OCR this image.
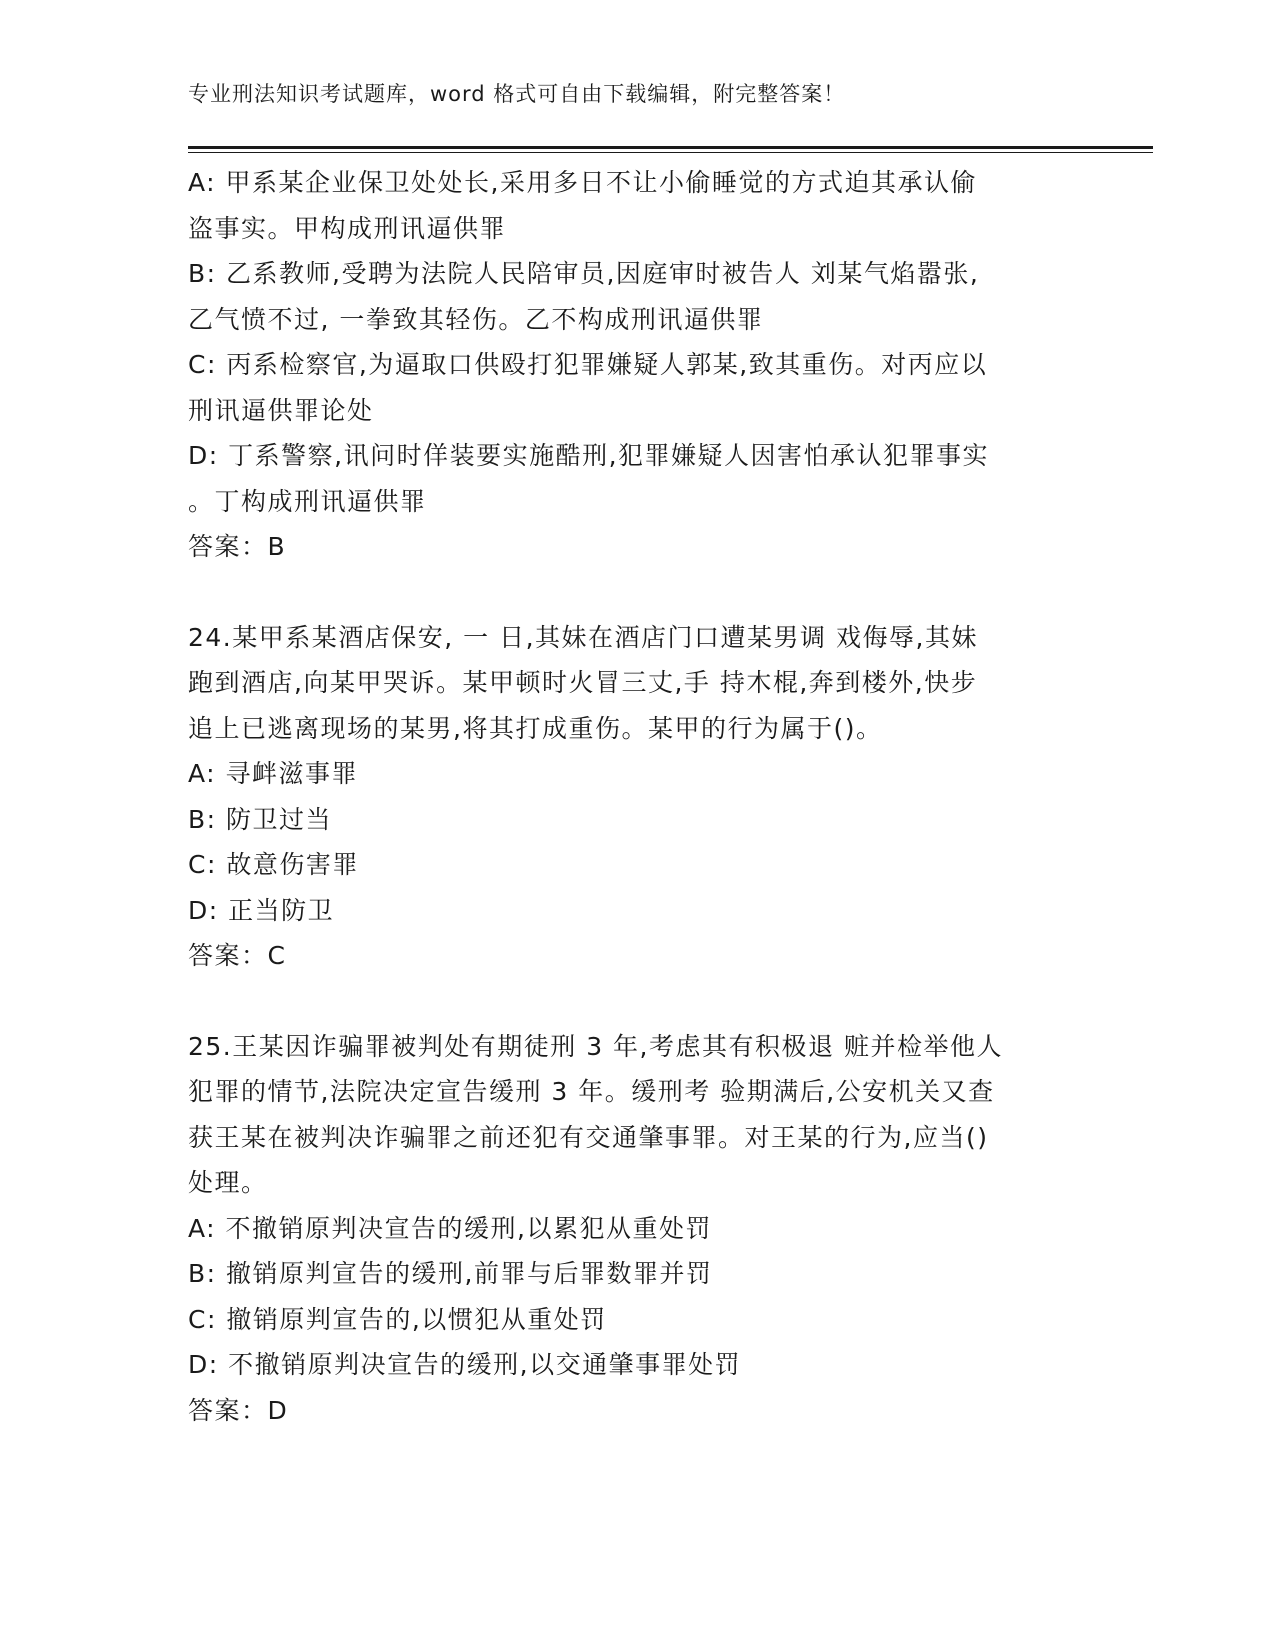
专业刑法知识考试题库，word 格式可自由下载编辑，附完整答案！
A: 甲系某企业保卫处处长,采用多日不让小偷睡觉的方式迫其承认偷
盗事实。甲构成刑讯逼供罪
B: 乙系教师,受聘为法院人民陪审员,因庭审时被告人 刘某气焰嚣张,
乙气愤不过, 一拳致其轻伤。乙不构成刑讯逼供罪
C: 丙系检察官,为逼取口供殴打犯罪嫌疑人郭某,致其重伤。对丙应以
刑讯逼供罪论处
D: 丁系警察,讯问时佯装要实施酷刑,犯罪嫌疑人因害怕承认犯罪事实
。丁构成刑讯逼供罪
答案：B
24.某甲系某酒店保安, 一 日,其妹在酒店门口遭某男调 戏侮辱,其妹
跑到酒店,向某甲哭诉。某甲顿时火冒三丈,手 持木棍,奔到楼外,快步
追上已逃离现场的某男,将其打成重伤。某甲的行为属于()。
A: 寻衅滋事罪
B: 防卫过当
C: 故意伤害罪
D: 正当防卫
答案：C
25.王某因诈骗罪被判处有期徒刑 3 年,考虑其有积极退 赃并检举他人
犯罪的情节,法院决定宣告缓刑 3 年。缓刑考 验期满后,公安机关又查
获王某在被判决诈骗罪之前还犯有交通肇事罪。对王某的行为,应当()
处理。
A: 不撤销原判决宣告的缓刑,以累犯从重处罚
B: 撤销原判宣告的缓刑,前罪与后罪数罪并罚
C: 撤销原判宣告的,以惯犯从重处罚
D: 不撤销原判决宣告的缓刑,以交通肇事罪处罚
答案：D
